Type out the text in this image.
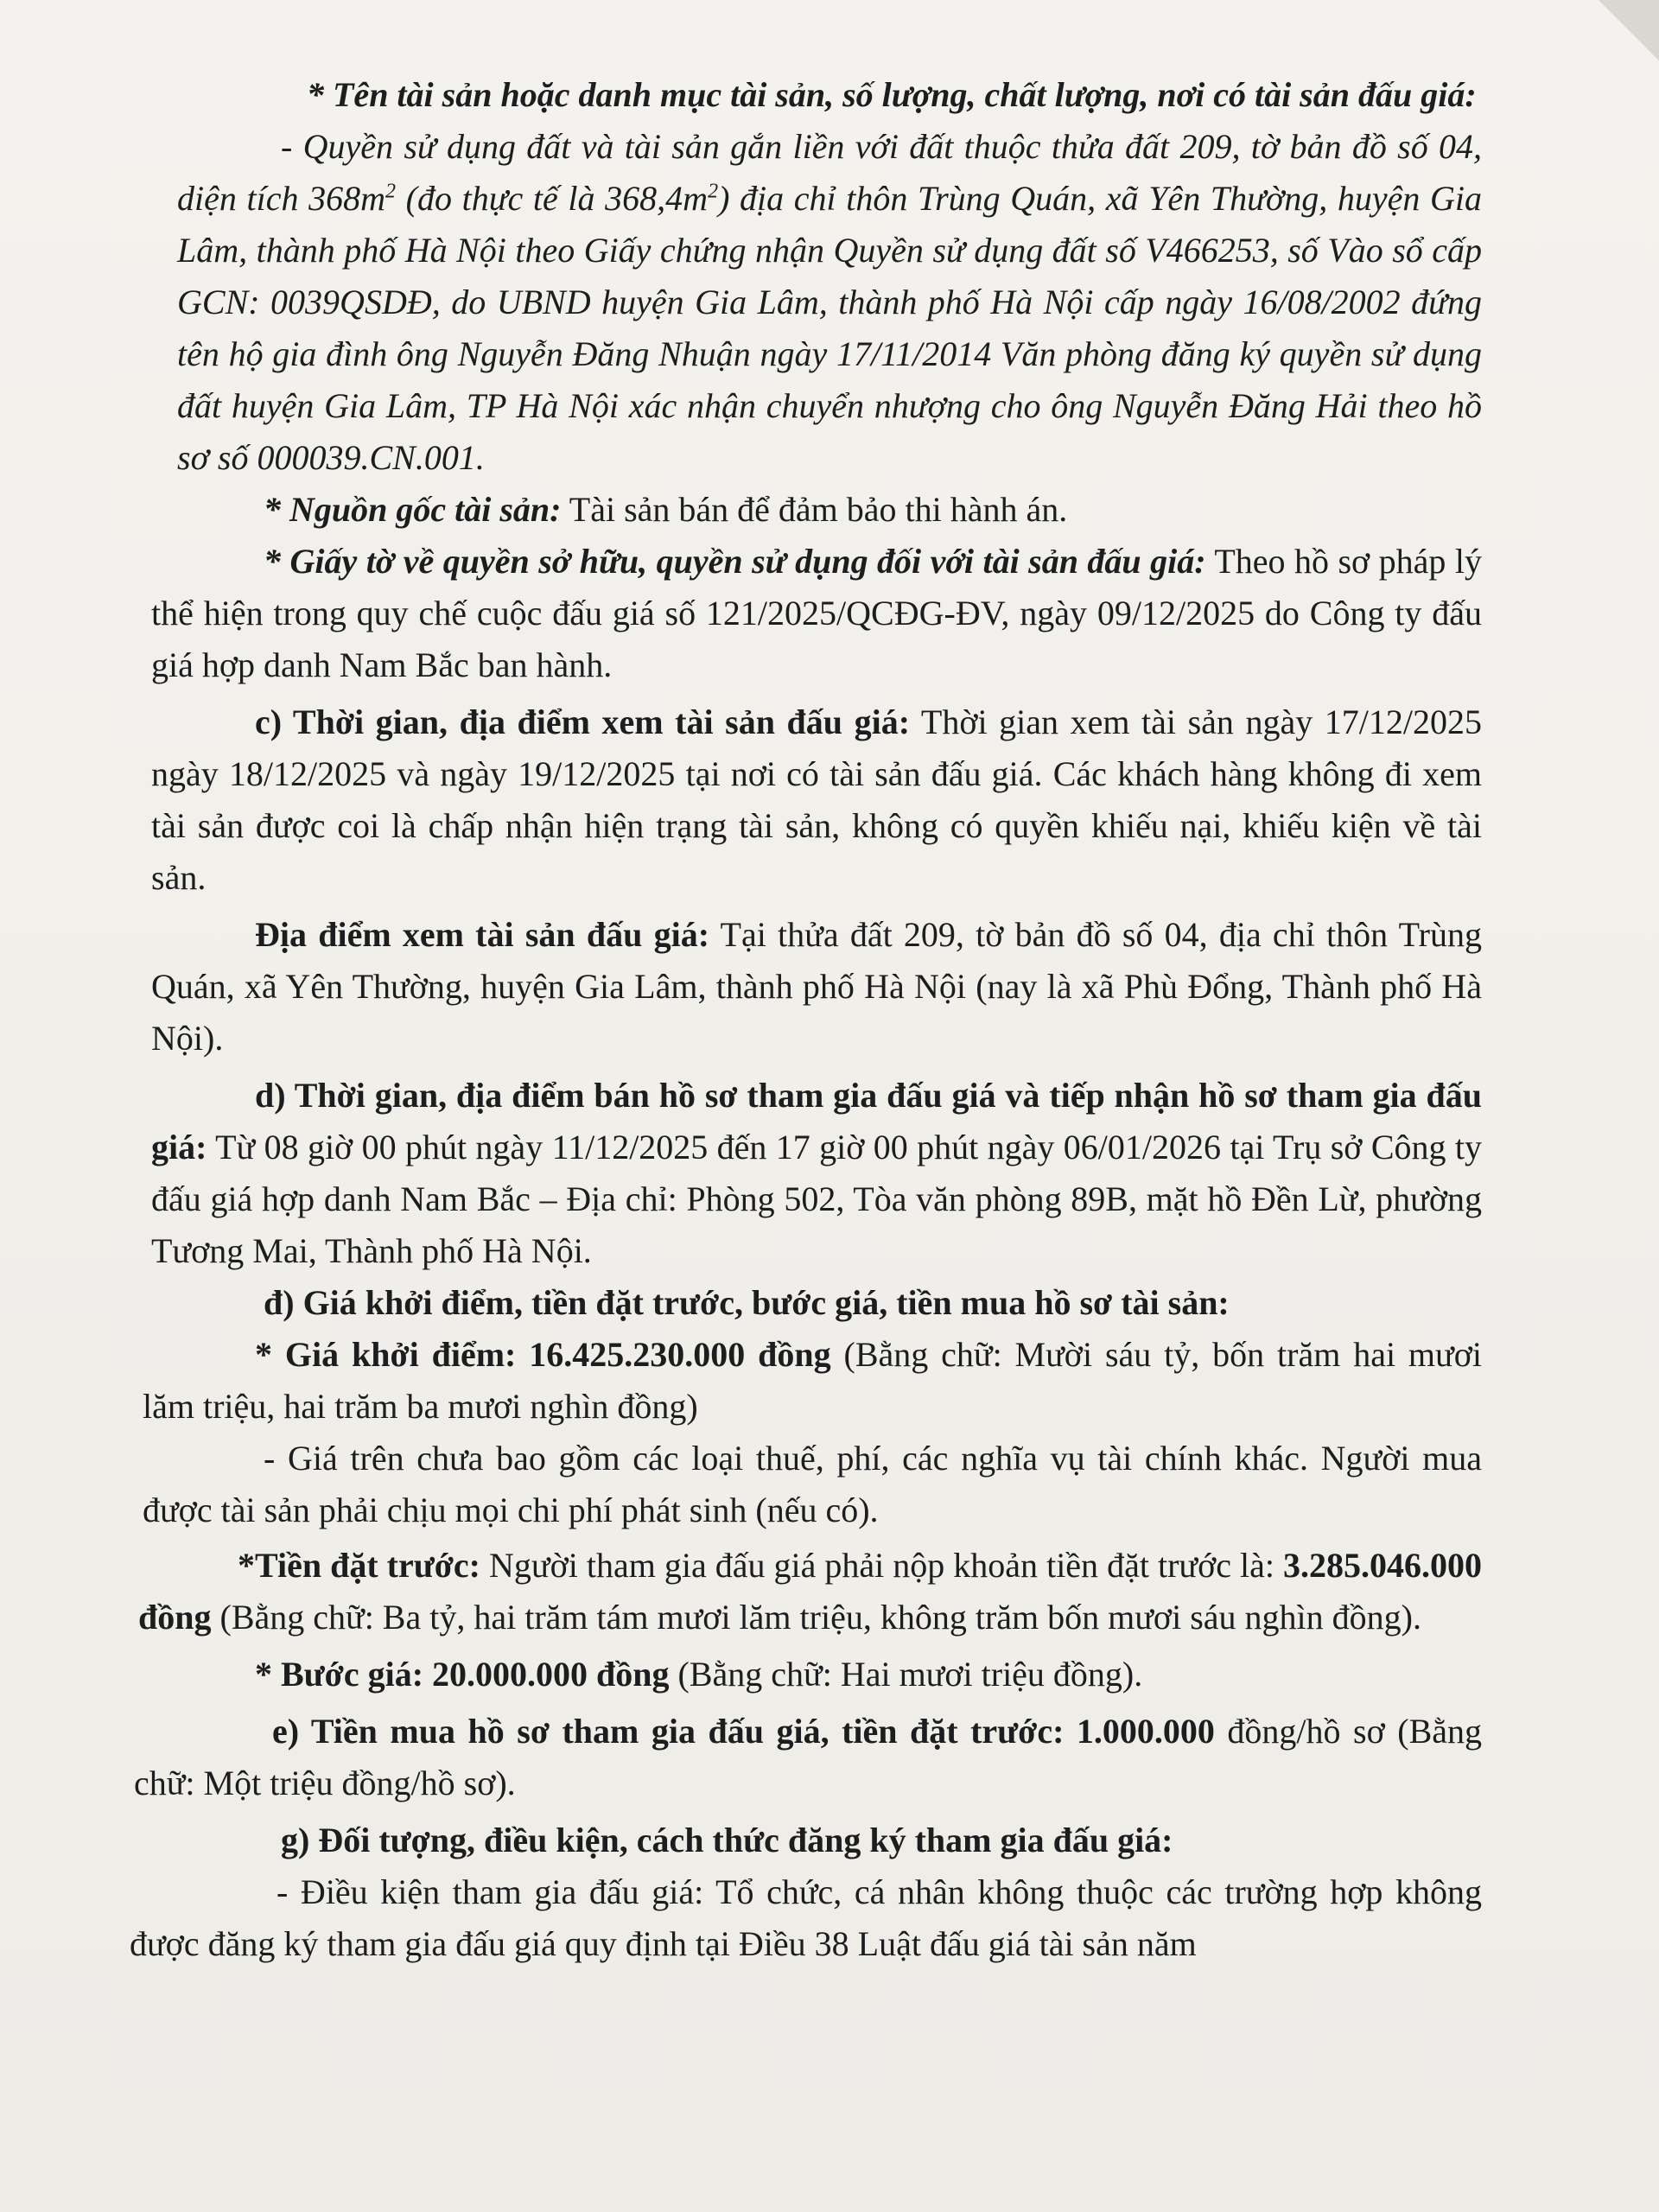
* Tên tài sản hoặc danh mục tài sản, số lượng, chất lượng, nơi có tài sản đấu giá:

- Quyền sử dụng đất và tài sản gắn liền với đất thuộc thửa đất 209, tờ bản đồ số 04, diện tích $368m^2$ (đo thực tế là $368,4m^2$) địa chỉ thôn Trùng Quán, xã Yên Thường, huyện Gia Lâm, thành phố Hà Nội theo Giấy chứng nhận Quyền sử dụng đất số V466253, số Vào sổ cấp GCN: 0039QSDĐ, do UBND huyện Gia Lâm, thành phố Hà Nội cấp ngày 16/08/2002 đứng tên hộ gia đình ông Nguyễn Đăng Nhuận ngày 17/11/2014 Văn phòng đăng ký quyền sử dụng đất huyện Gia Lâm, TP Hà Nội xác nhận chuyển nhượng cho ông Nguyễn Đăng Hải theo hồ sơ số 000039.CN.001.

* Nguồn gốc tài sản: Tài sản bán để đảm bảo thi hành án.

* Giấy tờ về quyền sở hữu, quyền sử dụng đối với tài sản đấu giá: Theo hồ sơ pháp lý thể hiện trong quy chế cuộc đấu giá số 121/2025/QCĐG-ĐV, ngày 09/12/2025 do Công ty đấu giá hợp danh Nam Bắc ban hành.

c) Thời gian, địa điểm xem tài sản đấu giá: Thời gian xem tài sản ngày 17/12/2025 ngày 18/12/2025 và ngày 19/12/2025 tại nơi có tài sản đấu giá. Các khách hàng không đi xem tài sản được coi là chấp nhận hiện trạng tài sản, không có quyền khiếu nại, khiếu kiện về tài sản.

Địa điểm xem tài sản đấu giá: Tại thửa đất 209, tờ bản đồ số 04, địa chỉ thôn Trùng Quán, xã Yên Thường, huyện Gia Lâm, thành phố Hà Nội (nay là xã Phù Đổng, Thành phố Hà Nội).

d) Thời gian, địa điểm bán hồ sơ tham gia đấu giá và tiếp nhận hồ sơ tham gia đấu giá: Từ 08 giờ 00 phút ngày 11/12/2025 đến 17 giờ 00 phút ngày 06/01/2026 tại Trụ sở Công ty đấu giá hợp danh Nam Bắc – Địa chỉ: Phòng 502, Tòa văn phòng 89B, mặt hồ Đền Lừ, phường Tương Mai, Thành phố Hà Nội.

đ) Giá khởi điểm, tiền đặt trước, bước giá, tiền mua hồ sơ tài sản:

* Giá khởi điểm: 16.425.230.000 đồng (Bằng chữ: Mười sáu tỷ, bốn trăm hai mươi lăm triệu, hai trăm ba mươi nghìn đồng)

- Giá trên chưa bao gồm các loại thuế, phí, các nghĩa vụ tài chính khác. Người mua được tài sản phải chịu mọi chi phí phát sinh (nếu có).

*Tiền đặt trước: Người tham gia đấu giá phải nộp khoản tiền đặt trước là: 3.285.046.000 đồng (Bằng chữ: Ba tỷ, hai trăm tám mươi lăm triệu, không trăm bốn mươi sáu nghìn đồng).

* Bước giá: 20.000.000 đồng (Bằng chữ: Hai mươi triệu đồng).

e) Tiền mua hồ sơ tham gia đấu giá, tiền đặt trước: 1.000.000 đồng/hồ sơ (Bằng chữ: Một triệu đồng/hồ sơ).

g) Đối tượng, điều kiện, cách thức đăng ký tham gia đấu giá:

- Điều kiện tham gia đấu giá: Tổ chức, cá nhân không thuộc các trường hợp không được đăng ký tham gia đấu giá quy định tại Điều 38 Luật đấu giá tài sản năm
